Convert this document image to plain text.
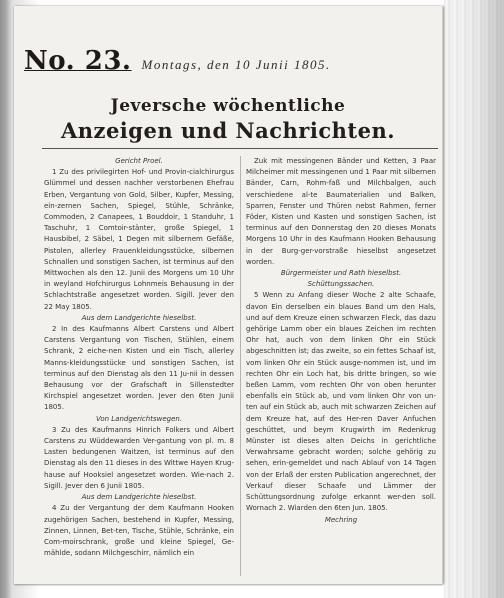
No. 23. Montags, den 10 Junii 1805.
Jeversche wöchentliche
Anzeigen und Nachrichten.

Gericht Proel.

1 Zu des privilegirten Hof- und Provin-cialchirurgus Glümmel und dessen nachher verstorbenen Ehefrau Erben, Vergantung von Gold, Silber, Kupfer, Messing, ein-zernen Sachen, Spiegel, Stühle, Schränke, Commoden, 2 Canapees, 1 Bouddoir, 1 Standuhr, 1 Taschuhr, 1 Comtoir-stänter, große Spiegel, 1 Hausbibel, 2 Säbel, 1 Degen mit silbernem Gefäße, Pistolen, allerley Frauenkleidungsstücke, silbernen Schnallen und sonstigen Sachen, ist terminus auf den Mittwochen als den 12. Junii des Morgens um 10 Uhr in weyland Hofchirurgus Lohnmeis Behausung in der Schlachtstraße angesetzet worden. Sigill. Jever den 22 May 1805.

Aus dem Landgerichte hieselbst.

2 In des Kaufmanns Albert Carstens und Albert Carstens Vergantung von Tischen, Stühlen, einem Schrank, 2 eiche-nen Kisten und ein Tisch, allerley Manns-kleidungsstücke und sonstigen Sachen, ist terminus auf den Dienstag als den 11 Ju-nii in dessen Behausung vor der Grafschaft in Sillenstedter Kirchspiel angesetzet worden. Jever den 6ten Junii 1805.

Von Landgerichtswegen.

3 Zu des Kaufmanns Hinrich Folkers und Albert Carstens zu Wüddewarden Ver-gantung von pl. m. 8 Lasten bedungenen Waitzen, ist terminus auf den Dienstag als den 11 dieses in des Wittwe Hayen Krug-hause auf Hooksiel angesetzet worden. Wie-nach 2. Sigill. Jever den 6 Junii 1805.

Aus dem Landgerichte hieselbst.

4 Zu der Vergantung der dem Kaufmann Hooken zugehörigen Sachen, bestehend in Kupfer, Messing, Zinnen, Linnen, Bet-ten, Tische, Stühle, Schränke, ein Com-moirschrank, große und kleine Spiegel, Ge-mählde, sodann Milchgeschirr, nämlich ein

Zuk mit messingenen Bänder und Ketten, 3 Paar Milcheimer mit messingenen und 1 Paar mit silbernen Bänder, Carn, Rohm-faß und Milchbalgen, auch verschiedene al-te Baumaterialien und Balken, Sparren, Fenster und Thüren nebst Rahmen, ferner Föder, Kisten und Kasten und sonstigen Sachen, ist terminus auf den Donnerstag den 20 dieses Monats Morgens 10 Uhr in des Kaufmann Hooken Behausung in der Burg-ger-vorstraße hieselbst angesetzet worden.

Bürgermeister und Rath hieselbst.

Schüttungssachen.

5 Wenn zu Anfang dieser Woche 2 alte Schaafe, davon Ein derselben ein blaues Band um den Hals, und auf dem Kreuze einen schwarzen Fleck, das dazu gehörige Lamm ober ein blaues Zeichen im rechten Ohr hat, auch von dem linken Ohr ein Stück abgeschnitten ist; das zweite, so ein fettes Schaaf ist, vom linken Ohr ein Stück ausge-nommen ist, und im rechten Ohr ein Loch hat, bis dritte bringen, so wie beßen Lamm, vom rechten Ohr von oben herunter ebenfalls ein Stück ab, und vom linken Ohr von un-ten auf ein Stück ab, auch mit schwarzen Zeichen auf dem Kreuze hat, auf des Her-ren Daver Anfuchen geschüttet, und beym Krugwirth im Redenkrug Münster ist dieses alten Deichs in gerichtliche Verwahrsame gebracht worden; solche gehörig zu sehen, erin-gemeldet und nach Ablauf von 14 Tagen von der Erlaß der ersten Publication angerechnet, der Verkauf dieser Schaafe und Lämmer der Schüttungsordnung zufolge erkannt wer-den soll. Wornach 2. Wiarden den 6ten Jun. 1805.

Mechring
